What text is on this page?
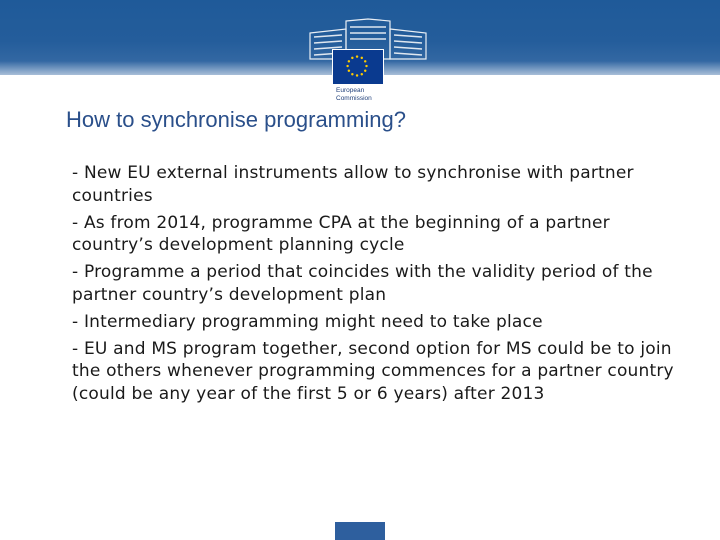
European
Commission
How to synchronise programming?
- New EU external instruments allow to synchronise with partner countries
- As from 2014, programme CPA at the beginning of a partner country’s development planning cycle
- Programme a period that coincides with the validity period of the partner country’s development plan
- Intermediary programming might need to take place
- EU and MS program together, second option for MS could be to join the others whenever programming commences for a partner country (could be any year of the first 5 or 6 years) after 2013
